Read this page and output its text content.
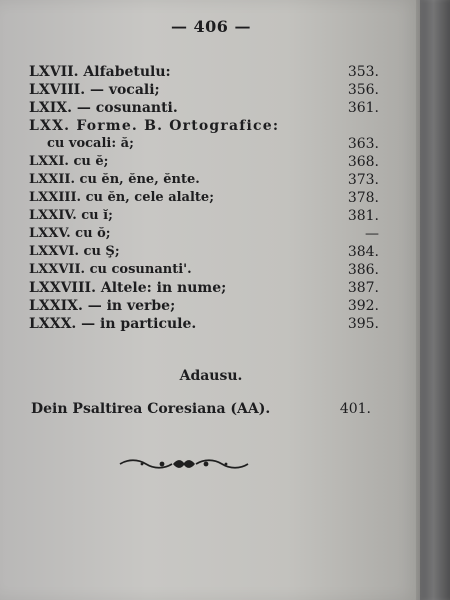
— 406 —
LXVII. Alfabetulu:	353.
LXVIII. — vocali;	356.
LXIX. — cosunanti.	361.
LXX. Forme. B. Ortografice:
cu vocali: ă;	363.
LXXI. cu ĕ;	368.
LXXII. cu ĕn, ĕne, ĕnte.	373.
LXXIII. cu ĕn, cele alalte;	378.
LXXIV. cu ĭ;	381.
LXXV. cu ŏ;	—
LXXVI. cu Ş;	384.
LXXVII. cu cosunanti'.	386.
LXXVIII. Altele: in nume;	387.
LXXIX. — in verbe;	392.
LXXX. — in particule.	395.
Adausu.
Dein Psaltirea Coresiana (AA).	401.
